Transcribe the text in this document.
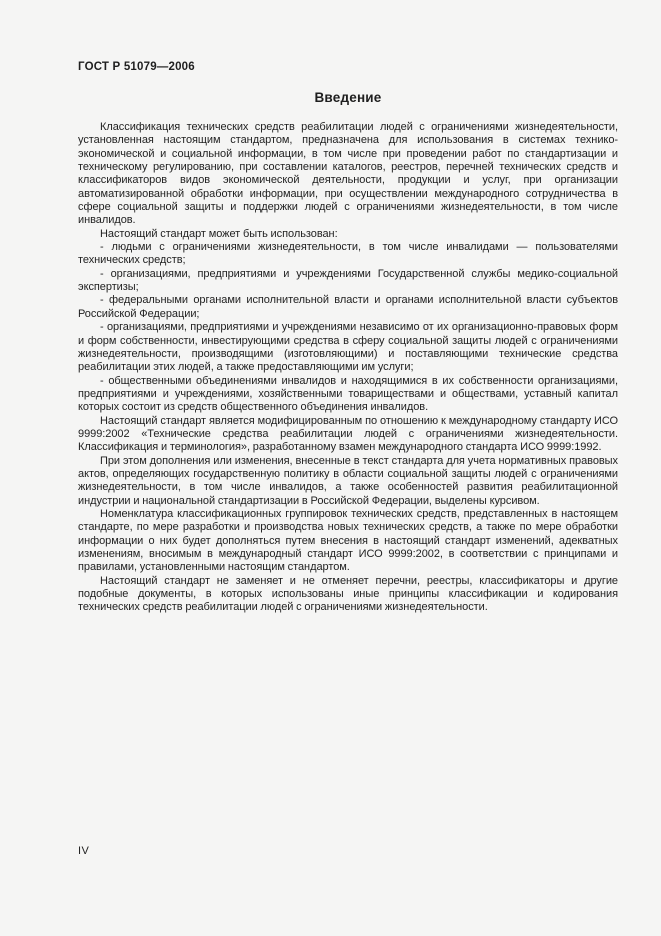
ГОСТ Р 51079—2006
Введение

Классификация технических средств реабилитации людей с ограничениями жизнедеятельности, установленная настоящим стандартом, предназначена для использования в системах технико-экономической и социальной информации, в том числе при проведении работ по стандартизации и техническому регулированию, при составлении каталогов, реестров, перечней технических средств и классификаторов видов экономической деятельности, продукции и услуг, при организации автоматизированной обработки информации, при осуществлении международного сотрудничества в сфере социальной защиты и поддержки людей с ограничениями жизнедеятельности, в том числе инвалидов.

Настоящий стандарт может быть использован:

- людьми с ограничениями жизнедеятельности, в том числе инвалидами — пользователями технических средств;

- организациями, предприятиями и учреждениями Государственной службы медико-социальной экспертизы;

- федеральными органами исполнительной власти и органами исполнительной власти субъектов Российской Федерации;

- организациями, предприятиями и учреждениями независимо от их организационно-правовых форм и форм собственности, инвестирующими средства в сферу социальной защиты людей с ограничениями жизнедеятельности, производящими (изготовляющими) и поставляющими технические средства реабилитации этих людей, а также предоставляющими им услуги;

- общественными объединениями инвалидов и находящимися в их собственности организациями, предприятиями и учреждениями, хозяйственными товариществами и обществами, уставный капитал которых состоит из средств общественного объединения инвалидов.

Настоящий стандарт является модифицированным по отношению к международному стандарту ИСО 9999:2002 «Технические средства реабилитации людей с ограничениями жизнедеятельности. Классификация и терминология», разработанному взамен международного стандарта ИСО 9999:1992.

При этом дополнения или изменения, внесенные в текст стандарта для учета нормативных правовых актов, определяющих государственную политику в области социальной защиты людей с ограничениями жизнедеятельности, в том числе инвалидов, а также особенностей развития реабилитационной индустрии и национальной стандартизации в Российской Федерации, выделены курсивом.

Номенклатура классификационных группировок технических средств, представленных в настоящем стандарте, по мере разработки и производства новых технических средств, а также по мере обработки информации о них будет дополняться путем внесения в настоящий стандарт изменений, адекватных изменениям, вносимым в международный стандарт ИСО 9999:2002, в соответствии с принципами и правилами, установленными настоящим стандартом.

Настоящий стандарт не заменяет и не отменяет перечни, реестры, классификаторы и другие подобные документы, в которых использованы иные принципы классификации и кодирования технических средств реабилитации людей с ограничениями жизнедеятельности.

IV
